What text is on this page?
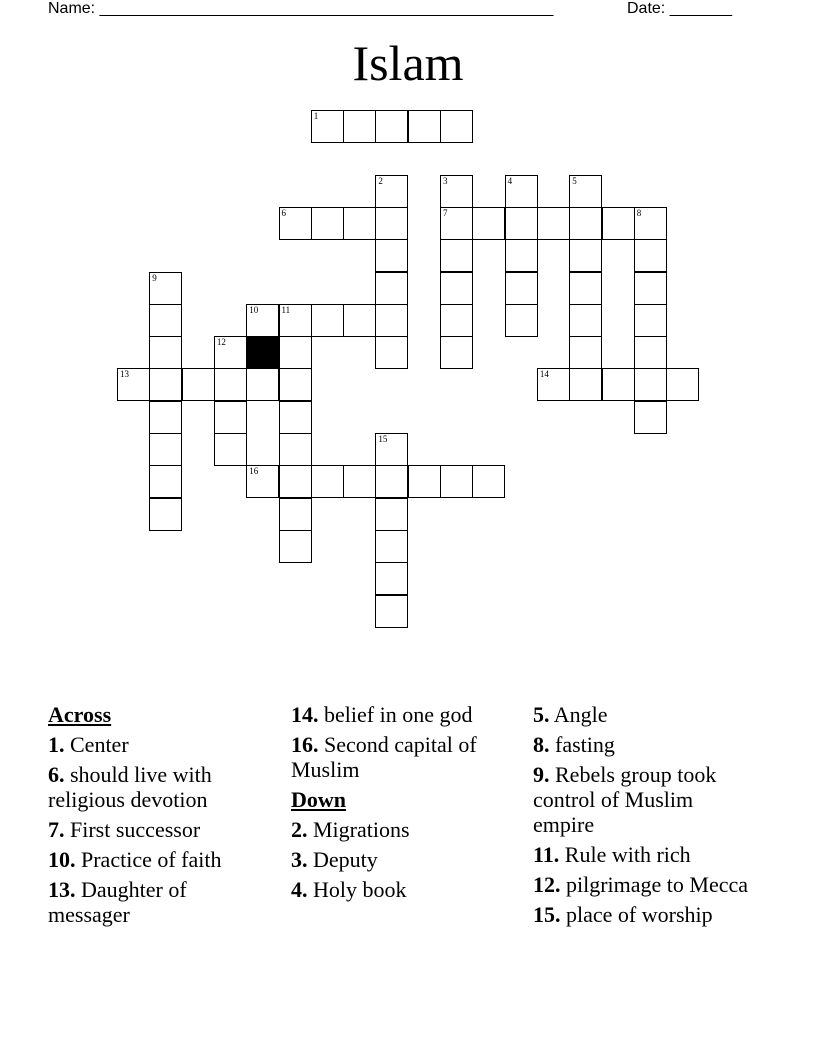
Name: ___________________________________________________	Date: _______
Islam
1
6	7	8
10	11
13	14
16
2	3	4	5
9
12
15
Across
1. Center
6. should live with religious devotion
7. First successor
10. Practice of faith
13. Daughter of messager
14. belief in one god
16. Second capital of Muslim
Down
2. Migrations
3. Deputy
4. Holy book
5. Angle
8. fasting
9. Rebels group took control of Muslim empire
11. Rule with rich
12. pilgrimage to Mecca
15. place of worship
